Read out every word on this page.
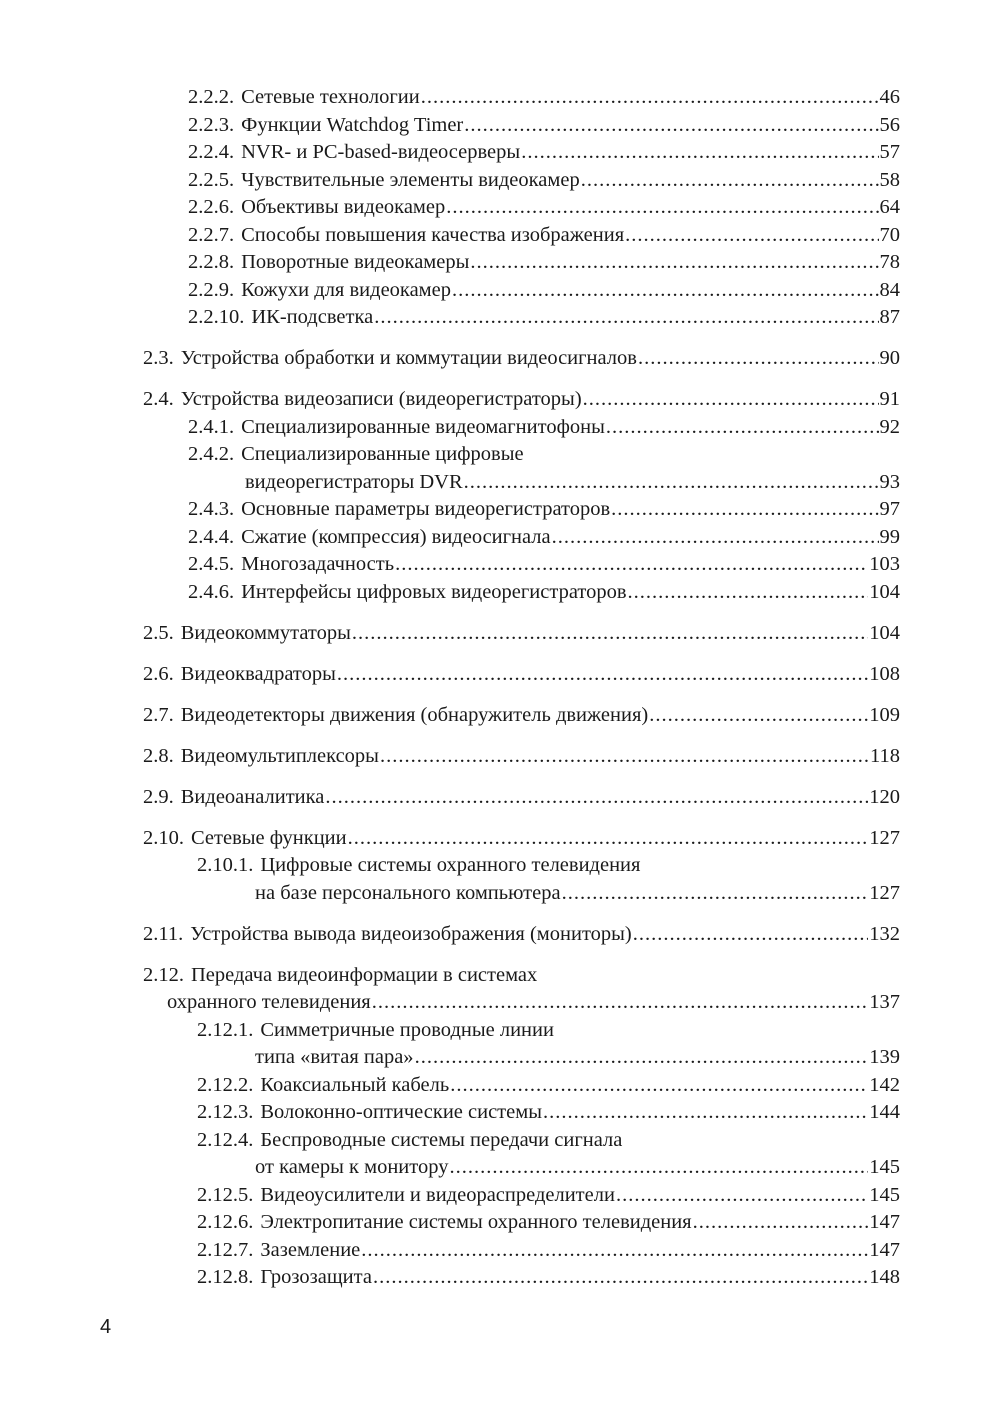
2.2.2. Сетевые технологии .....	46
2.2.3. Функции Watchdog Timer .....	56
2.2.4. NVR- и PC-based-видеосерверы .....	57
2.2.5. Чувствительные элементы видеокамер .....	58
2.2.6. Объективы видеокамер .....	64
2.2.7. Способы повышения качества изображения .....	70
2.2.8. Поворотные видеокамеры .....	78
2.2.9. Кожухи для видеокамер .....	84
2.2.10. ИК-подсветка .....	87
2.3. Устройства обработки и коммутации видеосигналов .....	90
2.4. Устройства видеозаписи (видеорегистраторы) .....	91
2.4.1. Специализированные видеомагнитофоны .....	92
2.4.2. Специализированные цифровые
видеорегистраторы DVR .....	93
2.4.3. Основные параметры видеорегистраторов .....	97
2.4.4. Сжатие (компрессия) видеосигнала .....	99
2.4.5. Многозадачность .....	103
2.4.6. Интерфейсы цифровых видеорегистраторов .....	104
2.5. Видеокоммутаторы .....	104
2.6. Видеоквадраторы .....	108
2.7. Видеодетекторы движения (обнаружитель движения) .....	109
2.8. Видеомультиплексоры .....	118
2.9. Видеоаналитика .....	120
2.10. Сетевые функции .....	127
2.10.1. Цифровые системы охранного телевидения
на базе персонального компьютера .....	127
2.11. Устройства вывода видеоизображения (мониторы) .....	132
2.12. Передача видеоинформации в системах
охранного телевидения .....	137
2.12.1. Симметричные проводные линии
типа «витая пара» .....	139
2.12.2. Коаксиальный кабель .....	142
2.12.3. Волоконно-оптические системы .....	144
2.12.4. Беспроводные системы передачи сигнала
от камеры к монитору .....	145
2.12.5. Видеоусилители и видеораспределители .....	145
2.12.6. Электропитание системы охранного телевидения .....	147
2.12.7. Заземление .....	147
2.12.8. Грозозащита .....	148
4
